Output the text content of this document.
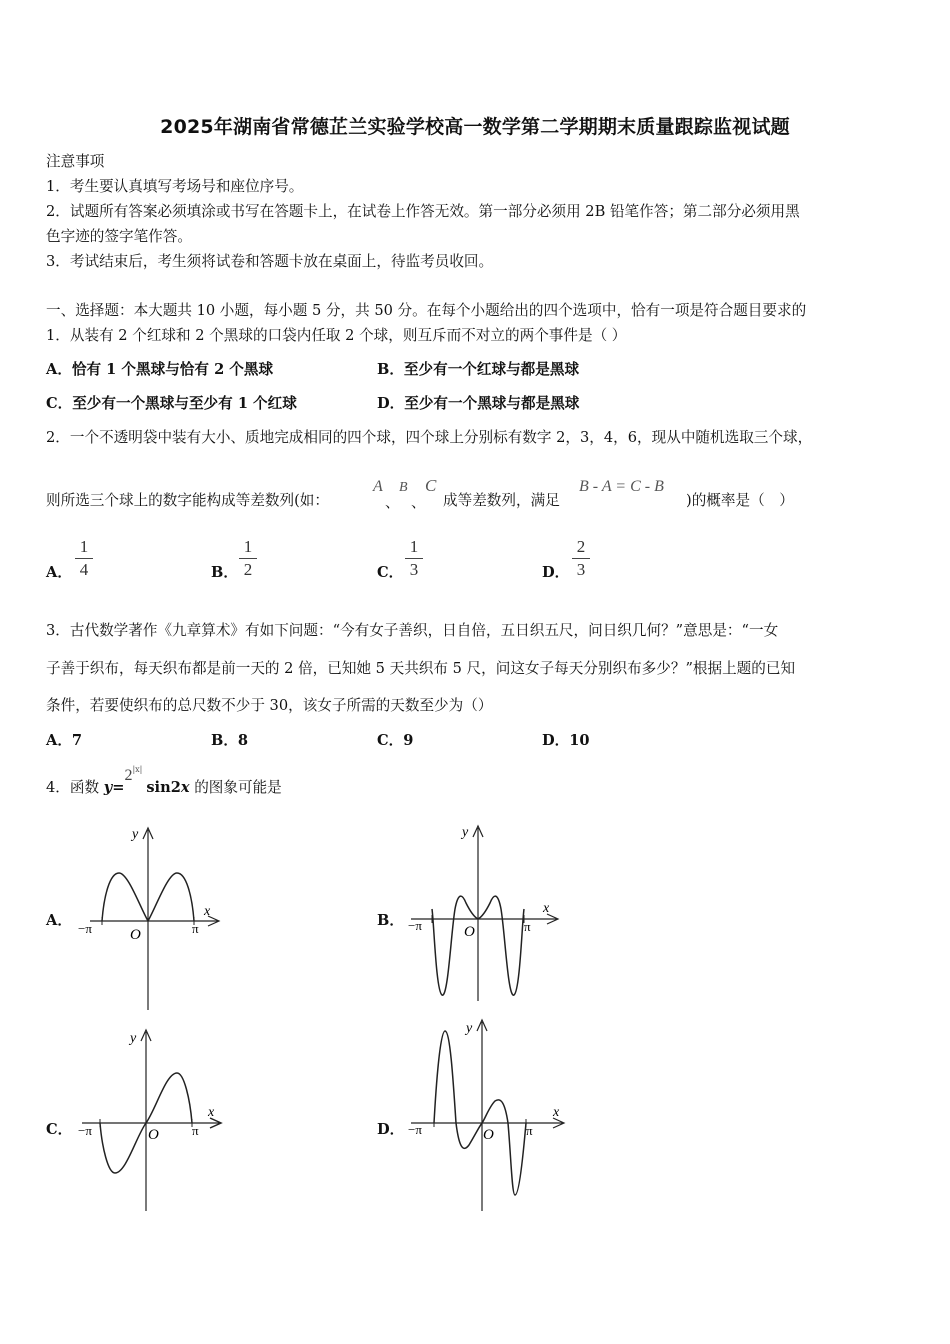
2025年湖南省常德芷兰实验学校高一数学第二学期期末质量跟踪监视试题
注意事项
1．考生要认真填写考场号和座位序号。
2．试题所有答案必须填涂或书写在答题卡上，在试卷上作答无效。第一部分必须用 2B 铅笔作答；第二部分必须用黑
色字迹的签字笔作答。
3．考试结束后，考生须将试卷和答题卡放在桌面上，待监考员收回。
一、选择题：本大题共 10 小题，每小题 5 分，共 50 分。在每个小题给出的四个选项中，恰有一项是符合题目要求的
1．从装有 2 个红球和 2 个黑球的口袋内任取 2 个球，则互斥而不对立的两个事件是（ ）
A．恰有 1 个黑球与恰有 2 个黑球	B．至少有一个红球与都是黑球
C．至少有一个黑球与至少有 1 个红球	D．至少有一个黑球与都是黑球
2．一个不透明袋中装有大小、质地完成相同的四个球，四个球上分别标有数字 2，3，4，6，现从中随机选取三个球，
则所选三个球上的数字能构成等差数列(如：
A
、
B
、
C
成等差数列，满足
B - A = C - B
)的概率是（　）
A．
1
4	B．
1
2	C．
1
3	D．
2
3
3．古代数学著作《九章算术》有如下问题：“今有女子善织，日自倍，五日织五尺，问日织几何？”意思是：“一女
子善于织布，每天织布都是前一天的 2 倍，已知她 5 天共织布 5 尺，问这女子每天分别织布多少？”根据上题的已知
条件，若要使织布的总尺数不少于 30，该女子所需的天数至少为（）
A．7	B．8	C．9	D．10
4．函数 $y=2^{|x|}\sin 2x$ 的图象可能是
A．	B．
C．	D．
y
x
O
−π	π
y
x
O
−π	π
y
x
O
−π	π
y
x
O
−π	π
